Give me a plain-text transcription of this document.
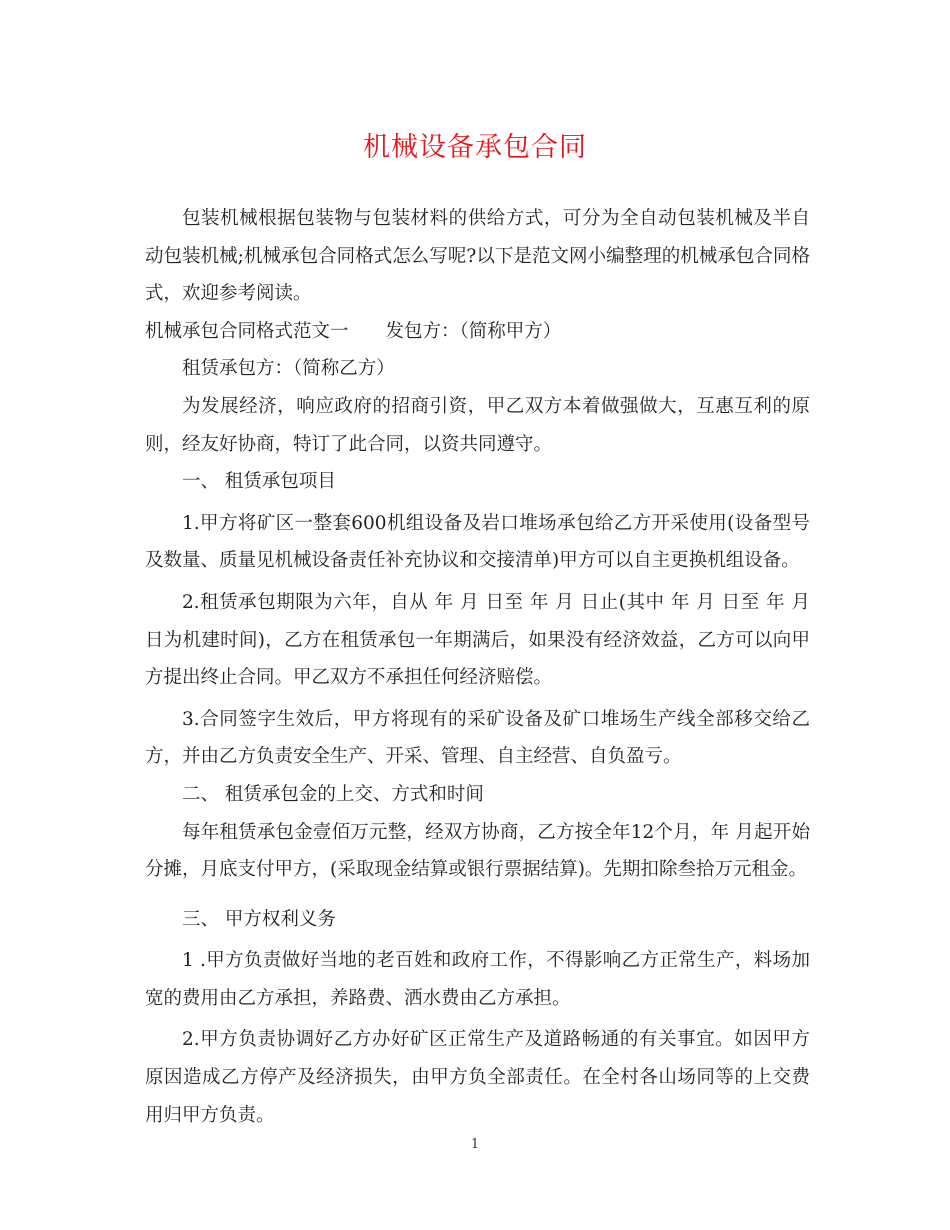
机械设备承包合同

包装机械根据包装物与包装材料的供给方式，可分为全自动包装机械及半自动包装机械;机械承包合同格式怎么写呢?以下是范文网小编整理的机械承包合同格式，欢迎参考阅读。

机械承包合同格式范文一　　发包方：（简称甲方）

租赁承包方：（简称乙方）

为发展经济，响应政府的招商引资，甲乙双方本着做强做大，互惠互利的原则，经友好协商，特订了此合同，以资共同遵守。

一、 租赁承包项目

1.甲方将矿区一整套600机组设备及岩口堆场承包给乙方开采使用(设备型号及数量、质量见机械设备责任补充协议和交接清单)甲方可以自主更换机组设备。

2.租赁承包期限为六年，自从 年 月 日至 年 月 日止(其中 年 月 日至 年 月 日为机建时间)，乙方在租赁承包一年期满后，如果没有经济效益，乙方可以向甲方提出终止合同。甲乙双方不承担任何经济赔偿。

3.合同签字生效后，甲方将现有的采矿设备及矿口堆场生产线全部移交给乙方，并由乙方负责安全生产、开采、管理、自主经营、自负盈亏。

二、 租赁承包金的上交、方式和时间

每年租赁承包金壹佰万元整，经双方协商，乙方按全年12个月，年 月起开始分摊，月底支付甲方，(采取现金结算或银行票据结算)。先期扣除叁拾万元租金。

三、 甲方权利义务

1 .甲方负责做好当地的老百姓和政府工作，不得影响乙方正常生产，料场加宽的费用由乙方承担，养路费、洒水费由乙方承担。

2.甲方负责协调好乙方办好矿区正常生产及道路畅通的有关事宜。如因甲方原因造成乙方停产及经济损失，由甲方负全部责任。在全村各山场同等的上交费用归甲方负责。

1
